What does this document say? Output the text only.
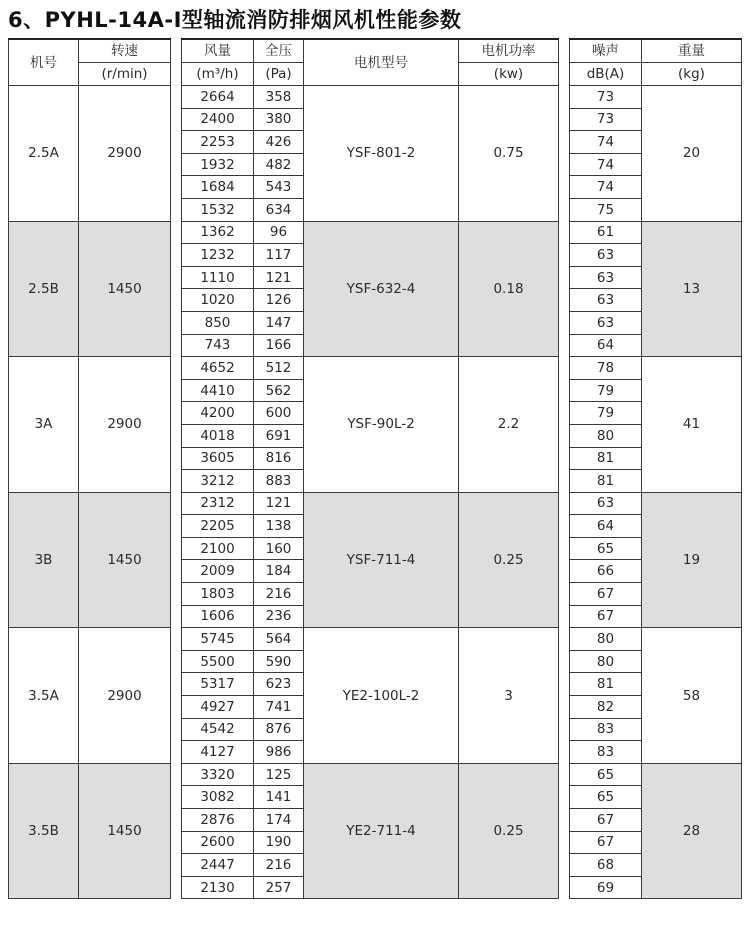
6、PYHL-14A-I型轴流消防排烟风机性能参数
机号	转速		风量	全压	电机型号	电机功率		噪声	重量
	(r/min)		(m³/h)	(Pa)		(kw)		dB(A)	(kg)
2.5A	2900		2664	358	YSF-801-2	0.75		73	20
			2400	380				73	
			2253	426				74	
			1932	482				74	
			1684	543				74	
			1532	634				75	
2.5B	1450		1362	96	YSF-632-4	0.18		61	13
			1232	117				63	
			1110	121				63	
			1020	126				63	
			850	147				63	
			743	166				64	
3A	2900		4652	512	YSF-90L-2	2.2		78	41
			4410	562				79	
			4200	600				79	
			4018	691				80	
			3605	816				81	
			3212	883				81	
3B	1450		2312	121	YSF-711-4	0.25		63	19
			2205	138				64	
			2100	160				65	
			2009	184				66	
			1803	216				67	
			1606	236				67	
3.5A	2900		5745	564	YE2-100L-2	3		80	58
			5500	590				80	
			5317	623				81	
			4927	741				82	
			4542	876				83	
			4127	986				83	
3.5B	1450		3320	125	YE2-711-4	0.25		65	28
			3082	141				65	
			2876	174				67	
			2600	190				67	
			2447	216				68	
			2130	257				69	
